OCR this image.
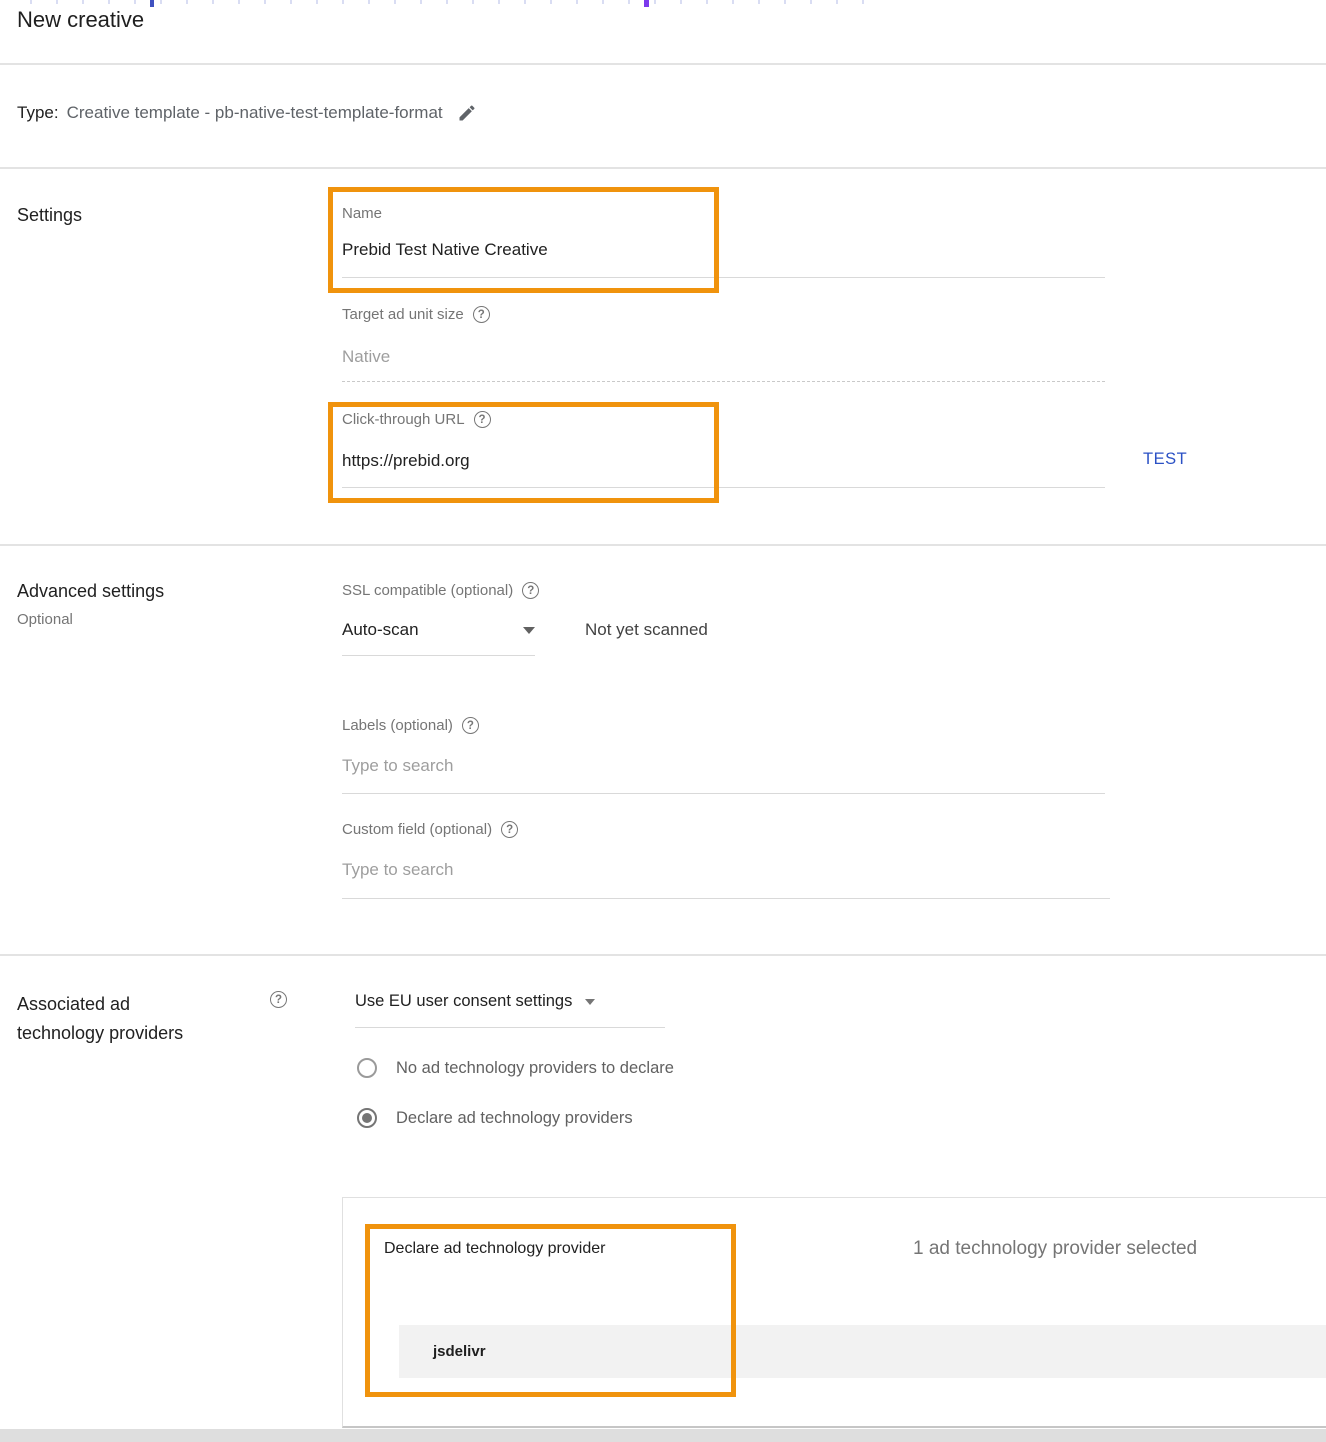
New creative
Type: Creative template - pb-native-test-template-format
Settings	Name
Prebid Test Native Creative
Target ad unit size
?
Native
Click-through URL
?
https://prebid.org	TEST
Advanced settings
Optional
SSL compatible (optional)
?
Auto-scan	Not yet scanned
Labels (optional)
?
Type to search
Custom field (optional)
?
Type to search
Associated ad technology providers
?
Use EU user consent settings
No ad technology providers to declare
Declare ad technology providers
Declare ad technology provider	1 ad technology provider selected
jsdelivr
